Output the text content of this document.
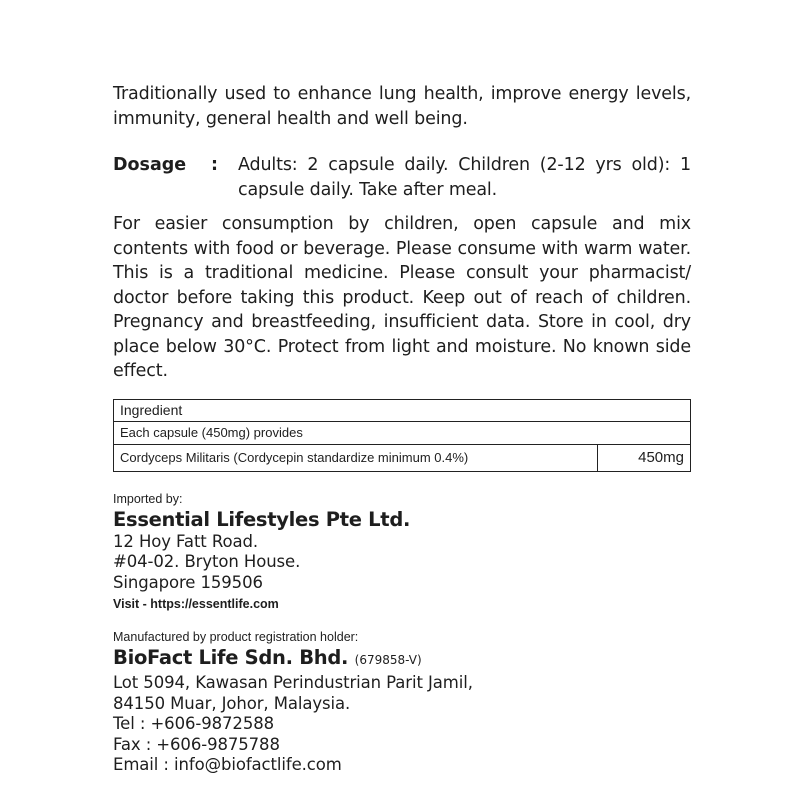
Traditionally used to enhance lung health, improve energy levels, immunity, general health and well being.

Dosage	:	Adults: 2 capsule daily. Children (2-12 yrs old): 1 capsule daily. Take after meal.

For easier consumption by children, open capsule and mix contents with food or beverage. Please consume with warm water. This is a traditional medicine. Please consult your pharmacist/ doctor before taking this product. Keep out of reach of children. Pregnancy and breastfeeding, insufficient data. Store in cool, dry place below 30°C. Protect from light and moisture. No known side effect.

Ingredient
Each capsule (450mg) provides
Cordyceps Militaris (Cordycepin standardize minimum 0.4%)	450mg
Imported by:
Essential Lifestyles Pte Ltd.
12 Hoy Fatt Road.
#04-02. Bryton House.
Singapore 159506
Visit - https://essentlife.com
Manufactured by product registration holder:
BioFact Life Sdn. Bhd. (679858-V)
Lot 5094, Kawasan Perindustrian Parit Jamil,
84150 Muar, Johor, Malaysia.
Tel : +606-9872588
Fax : +606-9875788
Email : info@biofactlife.com
